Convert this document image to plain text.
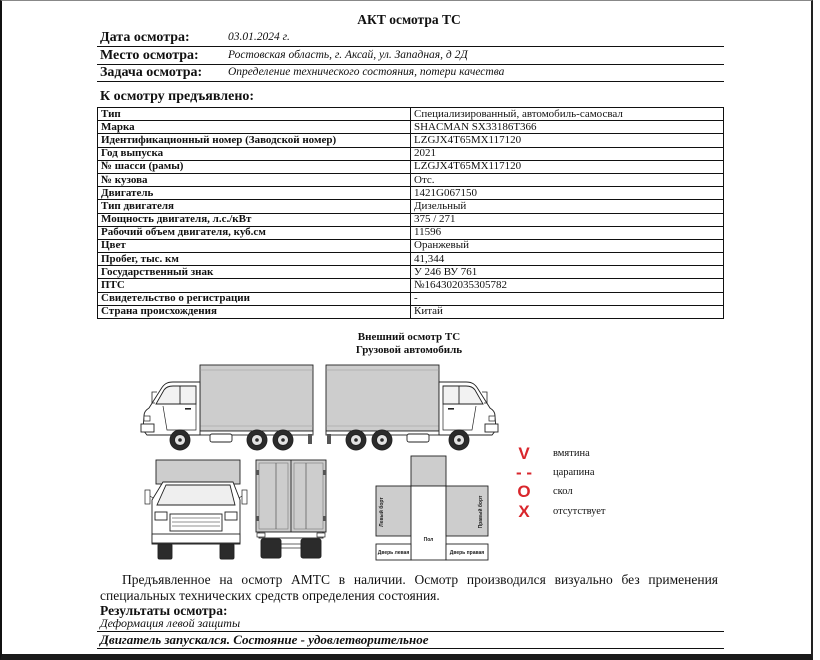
АКТ осмотра ТС
Дата осмотра:	03.01.2024 г.
Место осмотра:	Ростовская область, г. Аксай, ул. Западная, д 2Д
Задача осмотра: Определение технического состояния, потери качества
К осмотру предъявлено:
Тип	Специализированный, автомобиль-самосвал
Марка	SHACMAN SX33186T366
Идентификационный номер (Заводской номер)	LZGJX4T65MX117120
Год выпуска	2021
№ шасси (рамы)	LZGJX4T65MX117120
№ кузова	Отс.
Двигатель	1421G067150
Тип двигателя	Дизельный
Мощность двигателя, л.с./кВт	375 / 271
Рабочий объем двигателя, куб.см	11596
Цвет	Оранжевый
Пробег, тыс. км	41,344
Государственный знак	У 246 ВУ 761
ПТС	№164302035305782
Свидетельство о регистрации	-
Страна происхождения	Китай
Внешний осмотр ТС
Грузовой автомобиль
Левый борт	Правый борт
Пол
Дверь левая	Дверь правая
V	вмятина
- -	царапина
O	скол
X	отсутствует

Предъявленное на осмотр АМТС в наличии. Осмотр производился визуально без применения специальных технических средств определения состояния.

Результаты осмотра:
Деформация левой защиты
Двигатель запускался. Состояние - удовлетворительное
